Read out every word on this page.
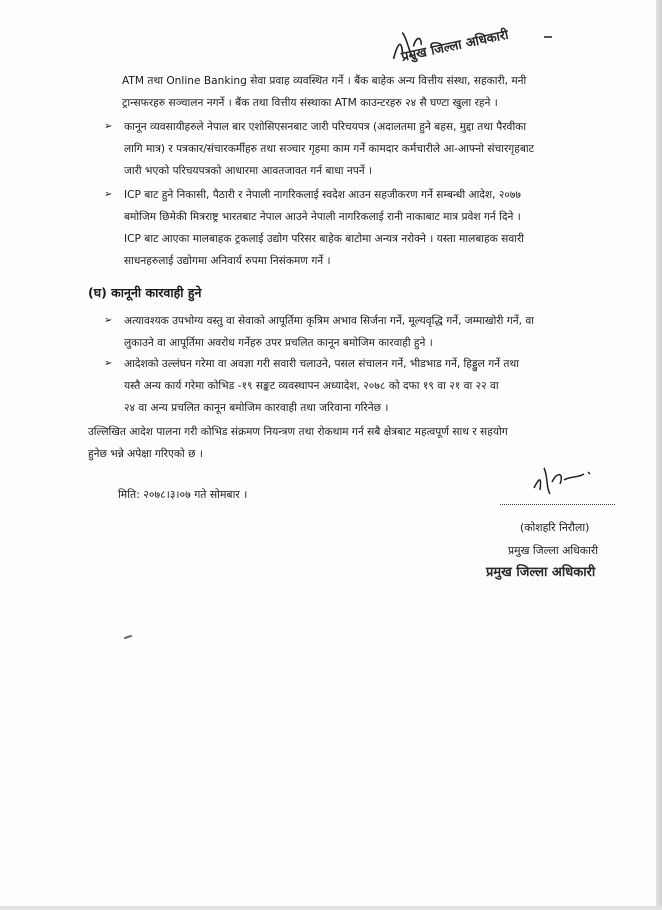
प्रमुख जिल्ला अधिकारी
ATM तथा Online Banking सेवा प्रवाह व्यवस्थित गर्ने । बैंक बाहेक अन्य वित्तीय संस्था, सहकारी, मनी
ट्रान्सफरहरु सञ्चालन नगर्ने । बैंक तथा वित्तीय संस्थाका ATM काउन्टरहरु २४ सै घण्टा खुला रहने ।
➢ कानून व्यवसायीहरुले नेपाल बार एशोसिएसनबाट जारी परिचयपत्र (अदालतमा हुने बहस, मुद्दा तथा पैरवीका
लागि मात्र) र पत्रकार/संचारकर्मीहरु तथा सञ्चार गृहमा काम गर्ने कामदार कर्मचारीले आ-आफ्नो संचारगृहबाट
जारी भएको परिचयपत्रको आधारमा आवतजावत गर्न बाधा नपर्ने ।
➢ ICP बाट हुने निकासी, पैठारी र नेपाली नागरिकलाई स्वदेश आउन सहजीकरण गर्ने सम्बन्धी आदेश, २०७७
बमोजिम छिमेकी मित्रराष्ट्र भारतबाट नेपाल आउने नेपाली नागरिकलाई रानी नाकाबाट मात्र प्रवेश गर्न दिने ।
ICP बाट आएका मालबाहक ट्रकलाई उद्योग परिसर बाहेक बाटोमा अन्यत्र नरोक्ने । यस्ता मालबाहक सवारी
साधनहरुलाई उद्योगमा अनिवार्य रुपमा निसंकमण गर्ने ।
(घ) कानूनी कारवाही हुने
➢ अत्यावश्यक उपभोग्य वस्तु वा सेवाको आपूर्तिमा कृत्रिम अभाव सिर्जना गर्ने, मूल्यवृद्धि गर्ने, जम्माखोरी गर्ने, वा
लुकाउने वा आपूर्तिमा अवरोध गर्नेहरु उपर प्रचलित कानून बमोजिम कारवाही हुने ।
➢ आदेशको उल्लंघन गरेमा वा अवज्ञा गरी सवारी चलाउने, पसल संचालन गर्ने, भीडभाड गर्ने, हिड्डुल गर्ने तथा
यस्तै अन्य कार्य गरेमा कोभिड -१९ सङ्कट व्यवस्थापन अध्यादेश, २०७८ को दफा १९ वा २१ वा २२ वा
२४ वा अन्य प्रचलित कानून बमोजिम कारवाही तथा जरिवाना गरिनेछ ।
उल्लिखित आदेश पालना गरी कोभिड संक्रमण नियन्त्रण तथा रोकथाम गर्न सबै क्षेत्रबाट महत्वपूर्ण साथ र सहयोग
हुनेछ भन्ने अपेक्षा गरिएको छ ।
मिति: २०७८।३।०७ गते सोमबार ।
(कोशहरि निरौला)
प्रमुख जिल्ला अधिकारी
प्रमुख जिल्ला अधिकारी
